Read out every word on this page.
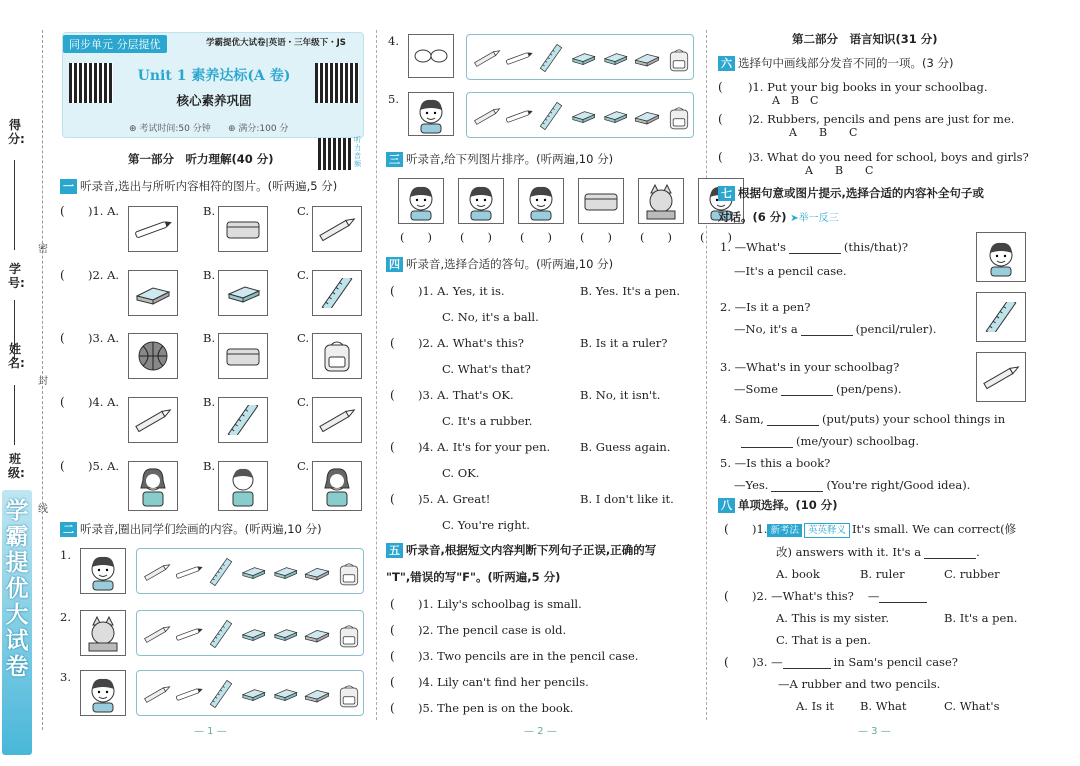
得分:
学号:
姓名:
班级:
密
封
线
学霸提优大试卷
同步单元 分层提优
Unit 1 素养达标(A 卷)
核心素养巩固
⊕ 考试时间:50 分钟 ⊕ 满分:100 分
学霸提优大试卷|英语・三年级下・JS
听力音频
第一部分　听力理解(40 分)
一 听录音,选出与所听内容相符的图片。(听两遍,5 分)
( )1. A.	B.	C.
( )2. A.	B.	C.
( )3. A.	B.	C.
( )4. A.	B.	C.
( )5. A.	B.	C.
二 听录音,圈出同学们绘画的内容。(听两遍,10 分)
1.
2.
3.
— 1 —
4.
5.
三 听录音,给下列图片排序。(听两遍,10 分)
(　　) (　　) (　　) (　　) (　　) (　　)
四 听录音,选择合适的答句。(听两遍,10 分)
( )1. A. Yes, it is.	B. Yes. It's a pen.
C. No, it's a ball.
( )2. A. What's this?	B. Is it a ruler?
C. What's that?
( )3. A. That's OK.	B. No, it isn't.
C. It's a rubber.
( )4. A. It's for your pen.	B. Guess again.
C. OK.
( )5. A. Great!	B. I don't like it.
C. You're right.
五 听录音,根据短文内容判断下列句子正误,正确的写
"T",错误的写"F"。(听两遍,5 分)
( )1. Lily's schoolbag is small.
( )2. The pencil case is old.
( )3. Two pencils are in the pencil case.
( )4. Lily can't find her pencils.
( )5. The pen is on the book.
— 2 —
第二部分　语言知识(31 分)
六 选择句中画线部分发音不同的一项。(3 分)
( )1. Put your big books in your schoolbag.
A　B　C
( )2. Rubbers, pencils and pens are just for me.
A　　B　　C
( )3. What do you need for school, boys and girls?
A　　B　　C
七 根据句意或图片提示,选择合适的内容补全句子或
对话。(6 分) ➤举一反三
1. —What's	(this/that)?
—It's a pencil case.
2. —Is it a pen?
—No, it's a	(pencil/ruler).
3. —What's in your schoolbag?
—Some	(pen/pens).
4. Sam,	(put/puts) your school things in
(me/your) schoolbag.
5. —Is this a book?
—Yes.	(You're right/Good idea).
八 单项选择。(10 分)
( )1. 新考法 英英释义 It's small. We can correct(修
改) answers with it. It's a	.
A. book	B. ruler	C. rubber
( )2. —What's this? —
A. This is my sister.	B. It's a pen.
C. That is a pen.
( )3. —	in Sam's pencil case?
—A rubber and two pencils.
A. Is it B. What	C. What's
— 3 —
